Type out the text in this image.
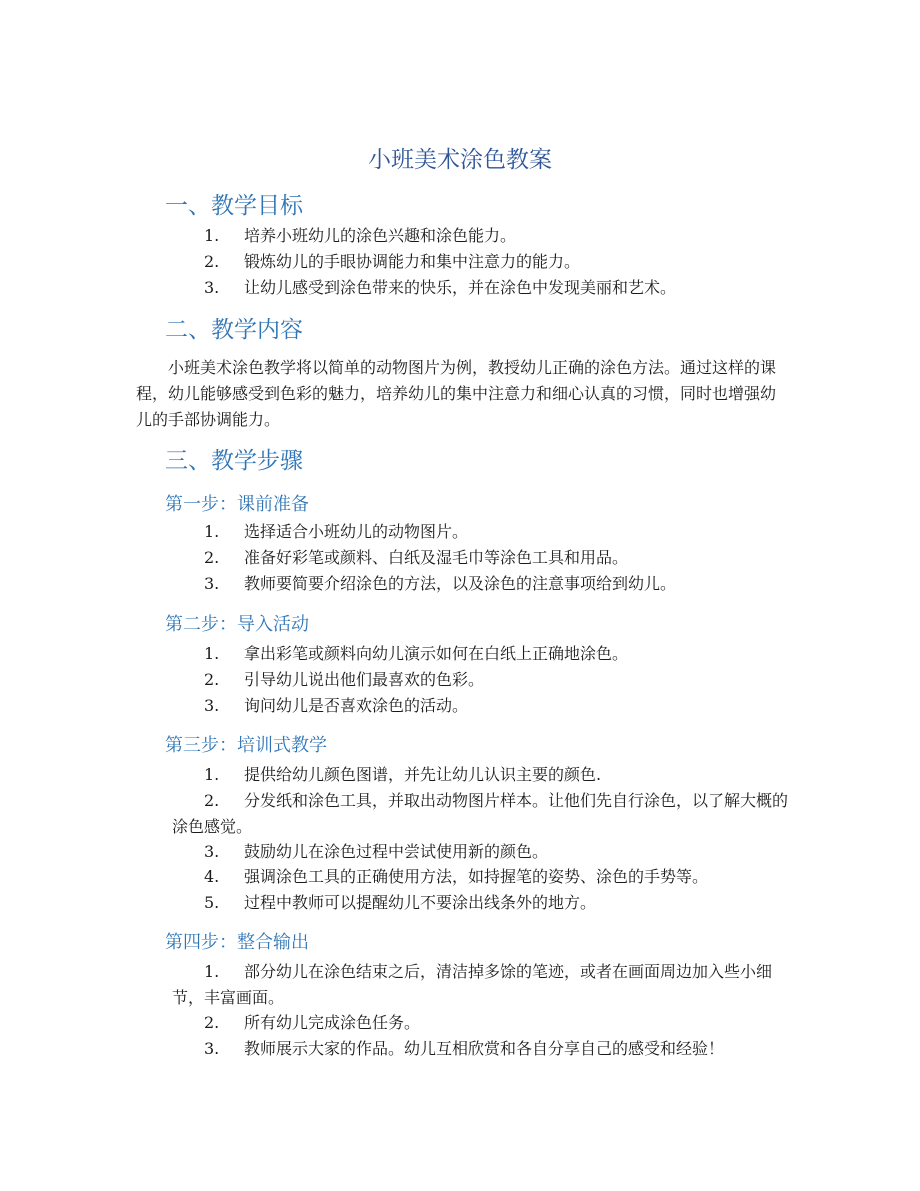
小班美术涂色教案
一、教学目标
1. 培养小班幼儿的涂色兴趣和涂色能力。
2. 锻炼幼儿的手眼协调能力和集中注意力的能力。
3. 让幼儿感受到涂色带来的快乐，并在涂色中发现美丽和艺术。
二、教学内容
小班美术涂色教学将以简单的动物图片为例，教授幼儿正确的涂色方法。通过这样的课程，幼儿能够感受到色彩的魅力，培养幼儿的集中注意力和细心认真的习惯，同时也增强幼儿的手部协调能力。
三、教学步骤
第一步：课前准备
1. 选择适合小班幼儿的动物图片。
2. 准备好彩笔或颜料、白纸及湿毛巾等涂色工具和用品。
3. 教师要简要介绍涂色的方法，以及涂色的注意事项给到幼儿。
第二步：导入活动
1. 拿出彩笔或颜料向幼儿演示如何在白纸上正确地涂色。
2. 引导幼儿说出他们最喜欢的色彩。
3. 询问幼儿是否喜欢涂色的活动。
第三步：培训式教学
1. 提供给幼儿颜色图谱，并先让幼儿认识主要的颜色.
2. 分发纸和涂色工具，并取出动物图片样本。让他们先自行涂色，以了解大概的涂色感觉。
3. 鼓励幼儿在涂色过程中尝试使用新的颜色。
4. 强调涂色工具的正确使用方法，如持握笔的姿势、涂色的手势等。
5. 过程中教师可以提醒幼儿不要涂出线条外的地方。
第四步：整合输出
1. 部分幼儿在涂色结束之后，清洁掉多馀的笔迹，或者在画面周边加入些小细节，丰富画面。
2. 所有幼儿完成涂色任务。
3. 教师展示大家的作品。幼儿互相欣赏和各自分享自己的感受和经验！
